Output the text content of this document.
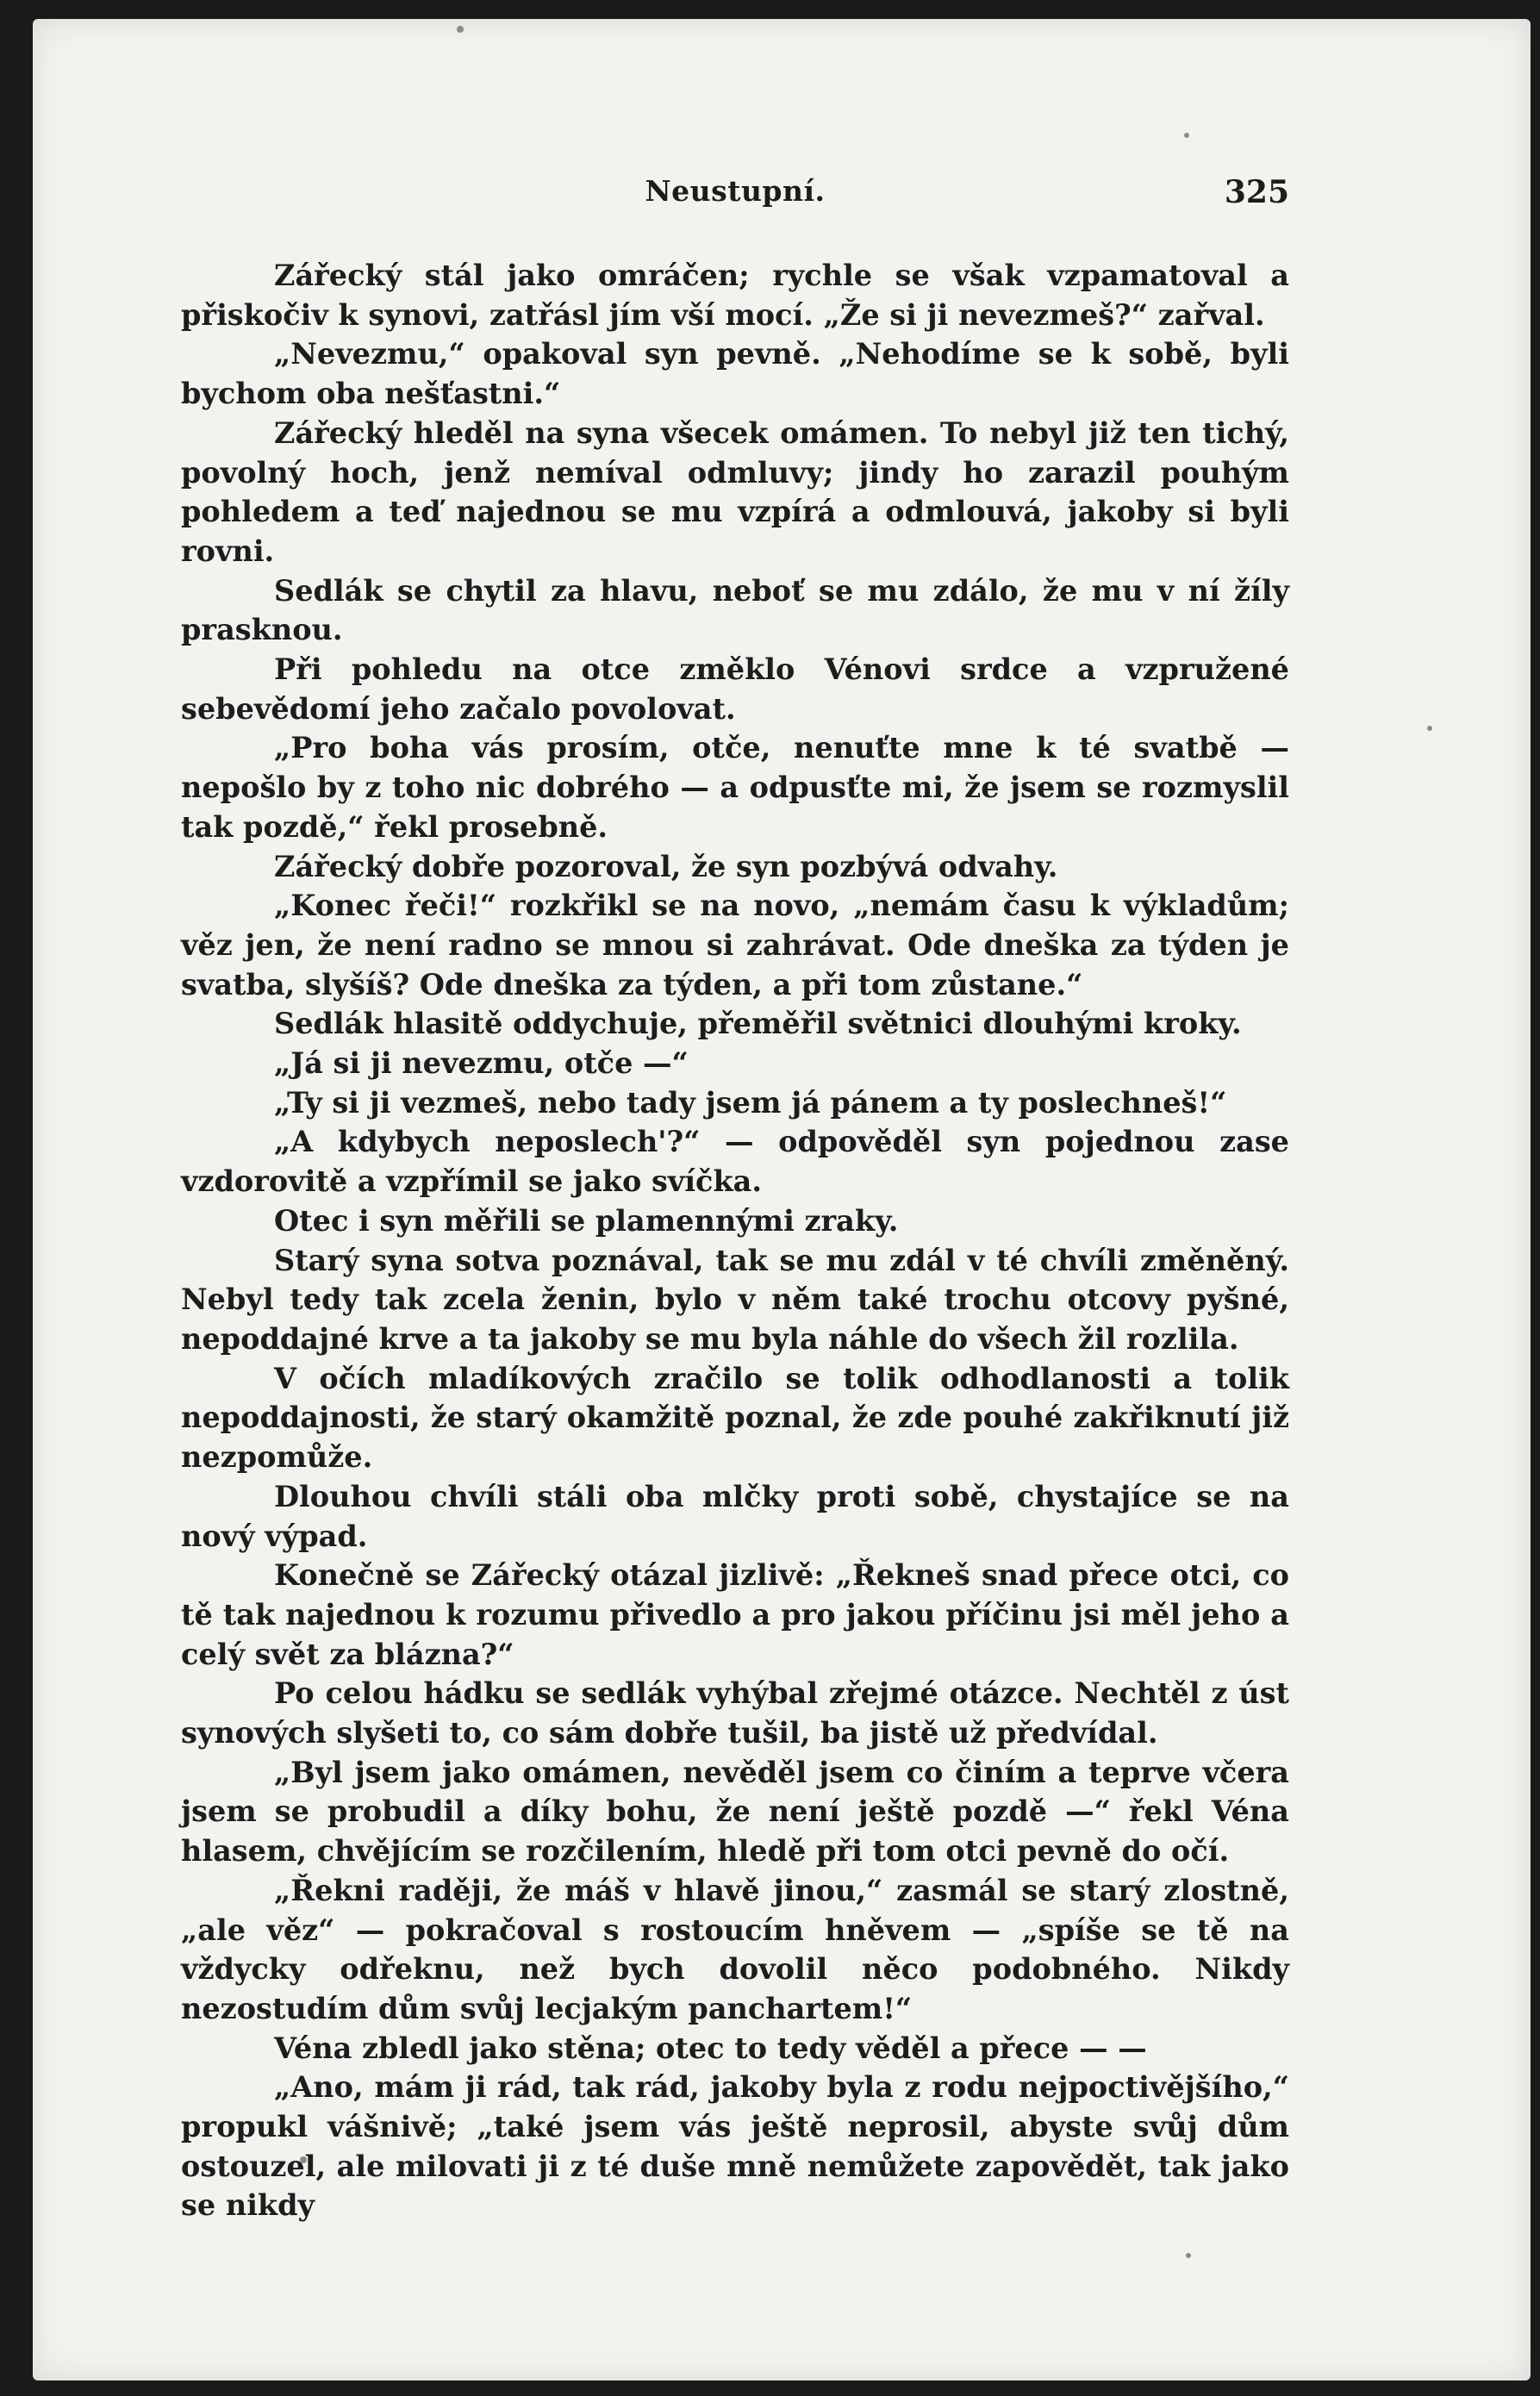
Neustupní.	325

Zářecký stál jako omráčen; rychle se však vzpamatoval a přiskočiv k synovi, zatřásl jím vší mocí. „Že si ji nevezmeš?“ zařval.

„Nevezmu,“ opakoval syn pevně. „Nehodíme se k sobě, byli bychom oba nešťastni.“

Zářecký hleděl na syna všecek omámen. To nebyl již ten tichý, povolný hoch, jenž nemíval odmluvy; jindy ho zarazil pouhým pohledem a teď najednou se mu vzpírá a odmlouvá, jakoby si byli rovni.

Sedlák se chytil za hlavu, neboť se mu zdálo, že mu v ní žíly prasknou.

Při pohledu na otce změklo Vénovi srdce a vzpružené sebevědomí jeho začalo povolovat.

„Pro boha vás prosím, otče, nenuťte mne k té svatbě — nepošlo by z toho nic dobrého — a odpusťte mi, že jsem se rozmyslil tak pozdě,“ řekl prosebně.

Zářecký dobře pozoroval, že syn pozbývá odvahy.

„Konec řeči!“ rozkřikl se na novo, „nemám času k výkladům; věz jen, že není radno se mnou si zahrávat. Ode dneška za týden je svatba, slyšíš? Ode dneška za týden, a při tom zůstane.“

Sedlák hlasitě oddychuje, přeměřil světnici dlouhými kroky.

„Já si ji nevezmu, otče —“

„Ty si ji vezmeš, nebo tady jsem já pánem a ty poslechneš!“

„A kdybych neposlech'?“ — odpověděl syn pojednou zase vzdorovitě a vzpřímil se jako svíčka.

Otec i syn měřili se plamennými zraky.

Starý syna sotva poznával, tak se mu zdál v té chvíli změněný. Nebyl tedy tak zcela ženin, bylo v něm také trochu otcovy pyšné, nepoddajné krve a ta jakoby se mu byla náhle do všech žil rozlila.

V očích mladíkových zračilo se tolik odhodlanosti a tolik nepoddajnosti, že starý okamžitě poznal, že zde pouhé zakřiknutí již nezpomůže.

Dlouhou chvíli stáli oba mlčky proti sobě, chystajíce se na nový výpad.

Konečně se Zářecký otázal jizlivě: „Řekneš snad přece otci, co tě tak najednou k rozumu přivedlo a pro jakou příčinu jsi měl jeho a celý svět za blázna?“

Po celou hádku se sedlák vyhýbal zřejmé otázce. Nechtěl z úst synových slyšeti to, co sám dobře tušil, ba jistě už předvídal.

„Byl jsem jako omámen, nevěděl jsem co činím a teprve včera jsem se probudil a díky bohu, že není ještě pozdě —“ řekl Véna hlasem, chvějícím se rozčilením, hledě při tom otci pevně do očí.

„Řekni raději, že máš v hlavě jinou,“ zasmál se starý zlostně, „ale věz“ — pokračoval s rostoucím hněvem — „spíše se tě na vždycky odřeknu, než bych dovolil něco podobného. Nikdy nezostudím dům svůj lecjakým panchartem!“

Véna zbledl jako stěna; otec to tedy věděl a přece — —

„Ano, mám ji rád, tak rád, jakoby byla z rodu nejpoctivějšího,“ propukl vášnivě; „také jsem vás ještě neprosil, abyste svůj dům ostouzel, ale milovati ji z té duše mně nemůžete zapovědět, tak jako se nikdy
